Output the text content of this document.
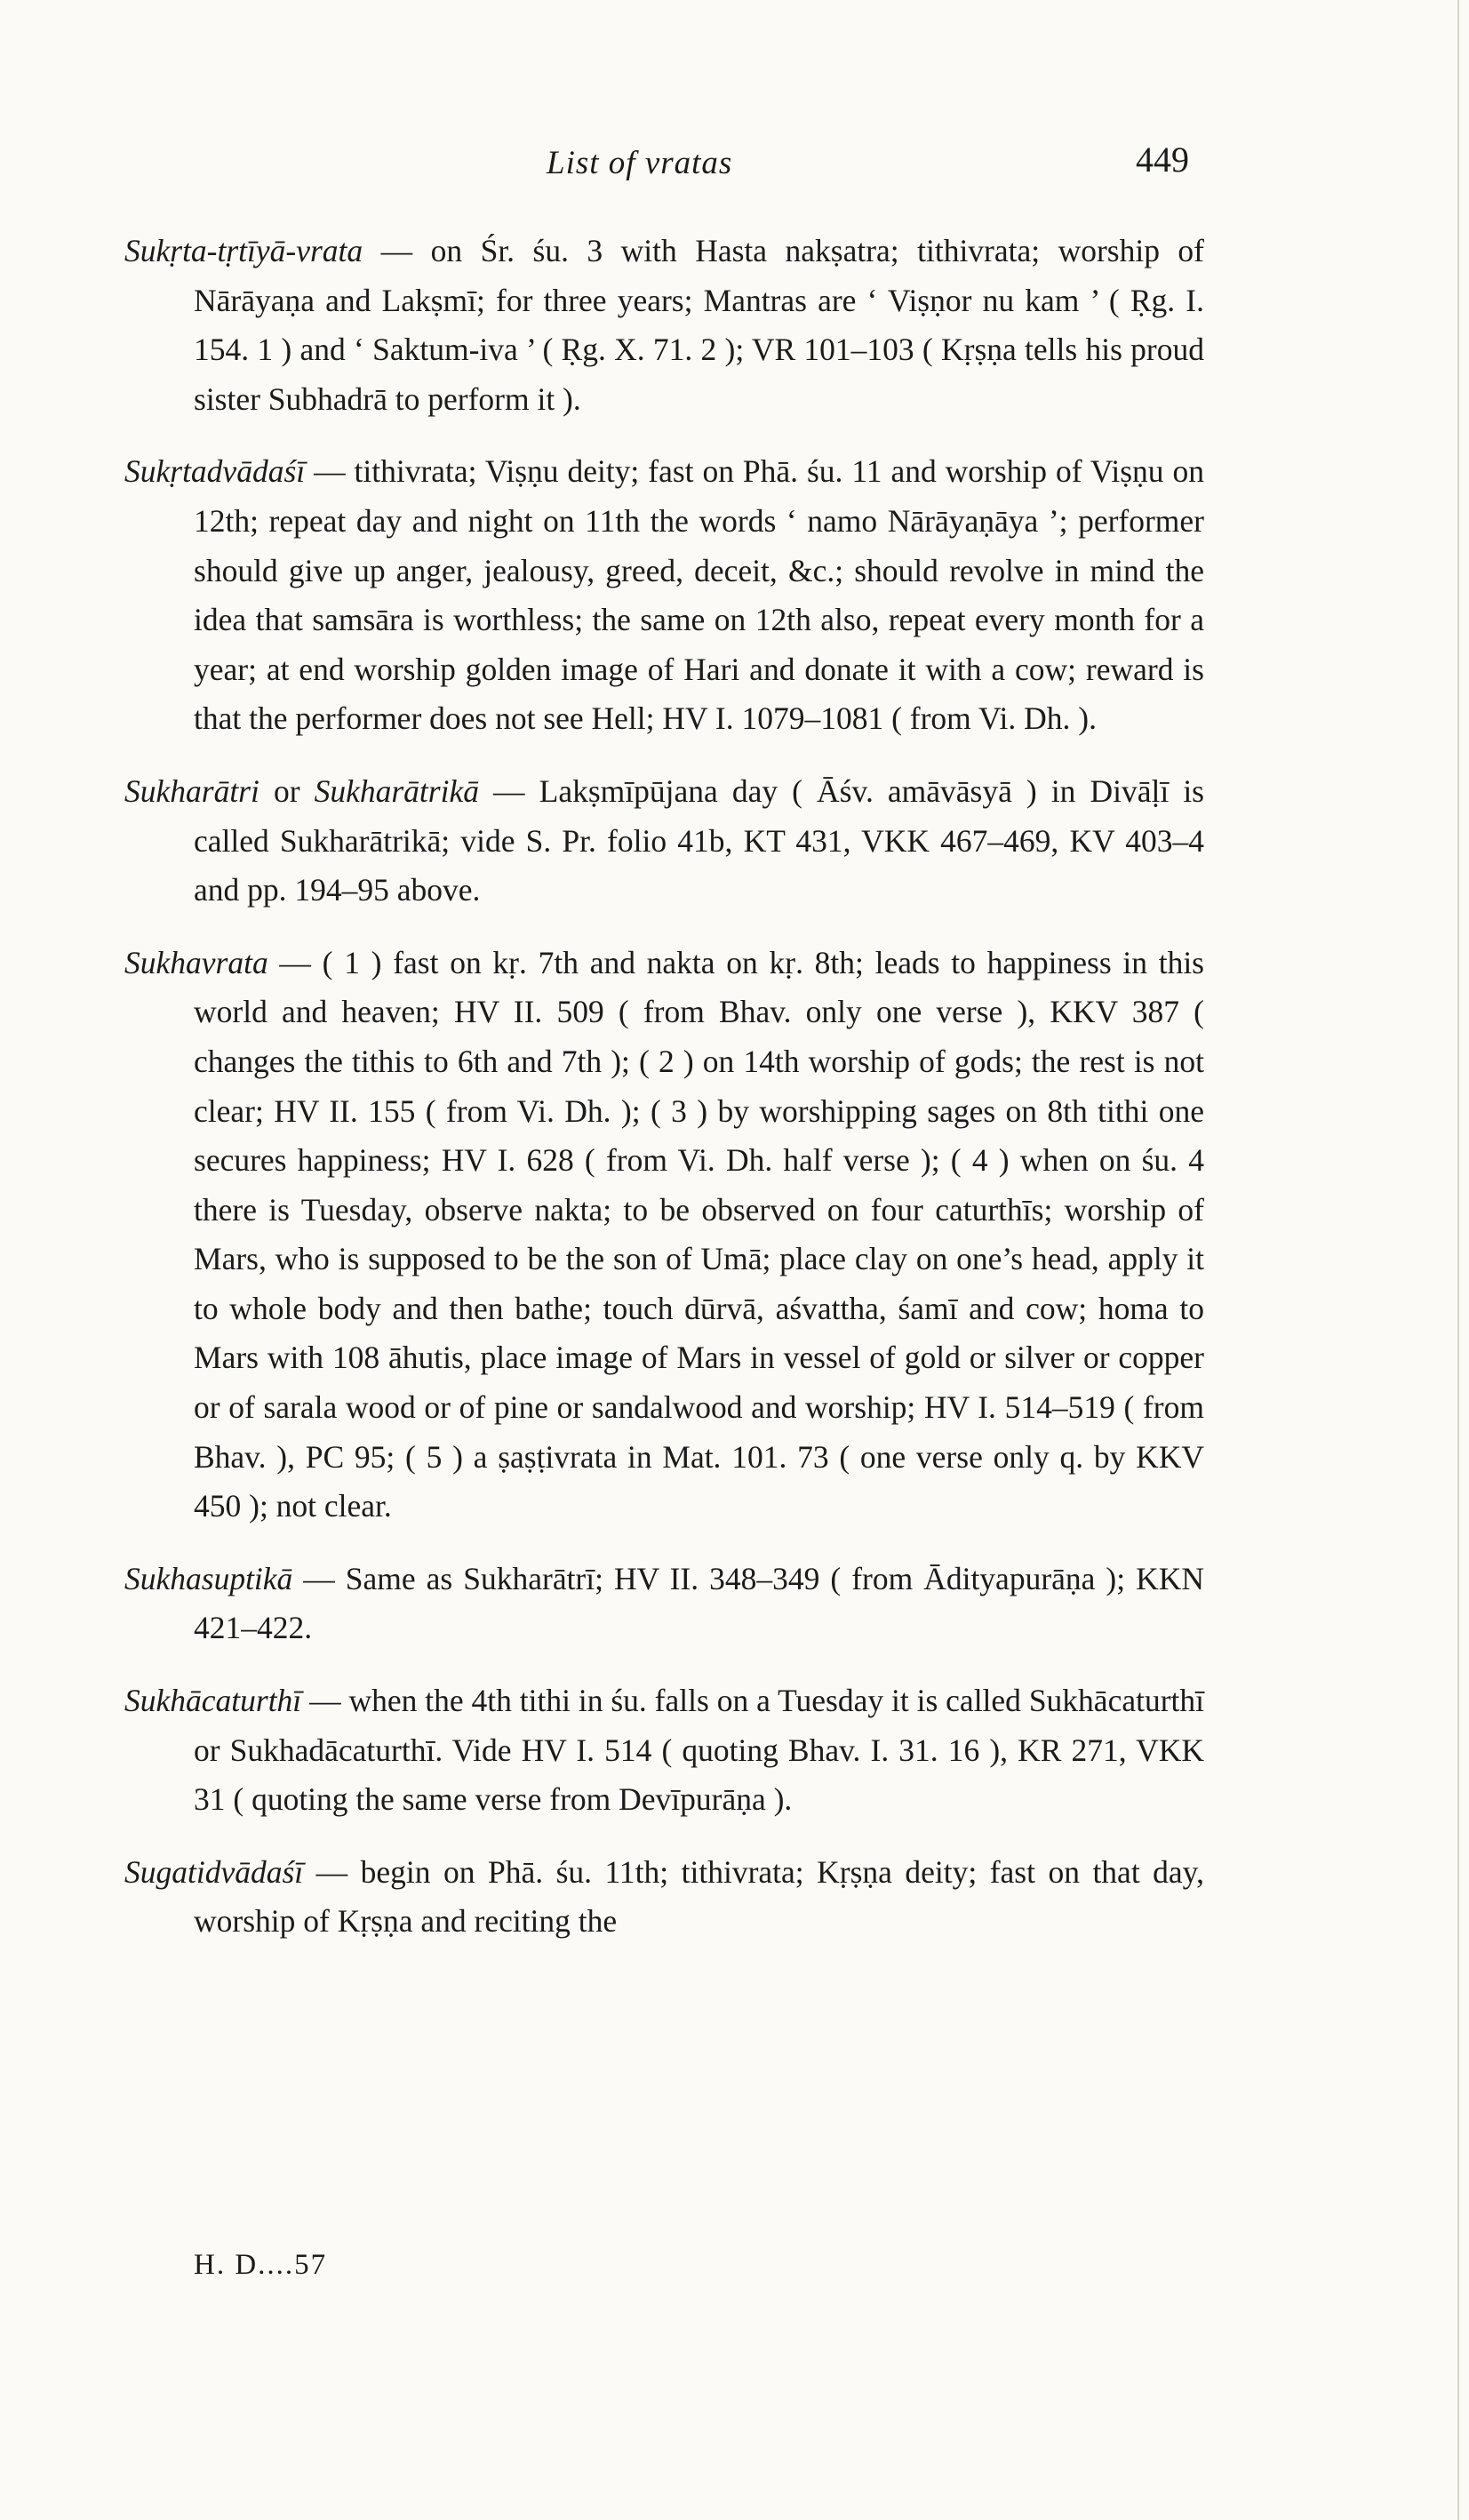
List of vratas	449

Sukṛta-tṛtīyā-vrata — on Śr. śu. 3 with Hasta nakṣatra; tithivrata; worship of Nārāyaṇa and Lakṣmī; for three years; Mantras are ‘ Viṣṇor nu kam ’ ( Ṛg. I. 154. 1 ) and ‘ Saktum-iva ’ ( Ṛg. X. 71. 2 ); VR 101–103 ( Kṛṣṇa tells his proud sister Subhadrā to perform it ).

Sukṛtadvādaśī — tithivrata; Viṣṇu deity; fast on Phā. śu. 11 and worship of Viṣṇu on 12th; repeat day and night on 11th the words ‘ namo Nārāyaṇāya ’; performer should give up anger, jealousy, greed, deceit, &c.; should revolve in mind the idea that samsāra is worthless; the same on 12th also, repeat every month for a year; at end worship golden image of Hari and donate it with a cow; reward is that the performer does not see Hell; HV I. 1079–1081 ( from Vi. Dh. ).

Sukharātri or Sukharātrikā — Lakṣmīpūjana day ( Āśv. amāvāsyā ) in Divāḷī is called Sukharātrikā; vide S. Pr. folio 41b, KT 431, VKK 467–469, KV 403–4 and pp. 194–95 above.

Sukhavrata — ( 1 ) fast on kṛ. 7th and nakta on kṛ. 8th; leads to happiness in this world and heaven; HV II. 509 ( from Bhav. only one verse ), KKV 387 ( changes the tithis to 6th and 7th ); ( 2 ) on 14th worship of gods; the rest is not clear; HV II. 155 ( from Vi. Dh. ); ( 3 ) by worshipping sages on 8th tithi one secures happiness; HV I. 628 ( from Vi. Dh. half verse ); ( 4 ) when on śu. 4 there is Tuesday, observe nakta; to be observed on four caturthīs; worship of Mars, who is supposed to be the son of Umā; place clay on one’s head, apply it to whole body and then bathe; touch dūrvā, aśvattha, śamī and cow; homa to Mars with 108 āhutis, place image of Mars in vessel of gold or silver or copper or of sarala wood or of pine or sandalwood and worship; HV I. 514–519 ( from Bhav. ), PC 95; ( 5 ) a ṣaṣṭivrata in Mat. 101. 73 ( one verse only q. by KKV 450 ); not clear.

Sukhasuptikā — Same as Sukharātrī; HV II. 348–349 ( from Ādityapurāṇa ); KKN 421–422.

Sukhācaturthī — when the 4th tithi in śu. falls on a Tuesday it is called Sukhācaturthī or Sukhadācaturthī. Vide HV I. 514 ( quoting Bhav. I. 31. 16 ), KR 271, VKK 31 ( quoting the same verse from Devīpurāṇa ).

Sugatidvādaśī — begin on Phā. śu. 11th; tithivrata; Kṛṣṇa deity; fast on that day, worship of Kṛṣṇa and reciting the

H. D....57
